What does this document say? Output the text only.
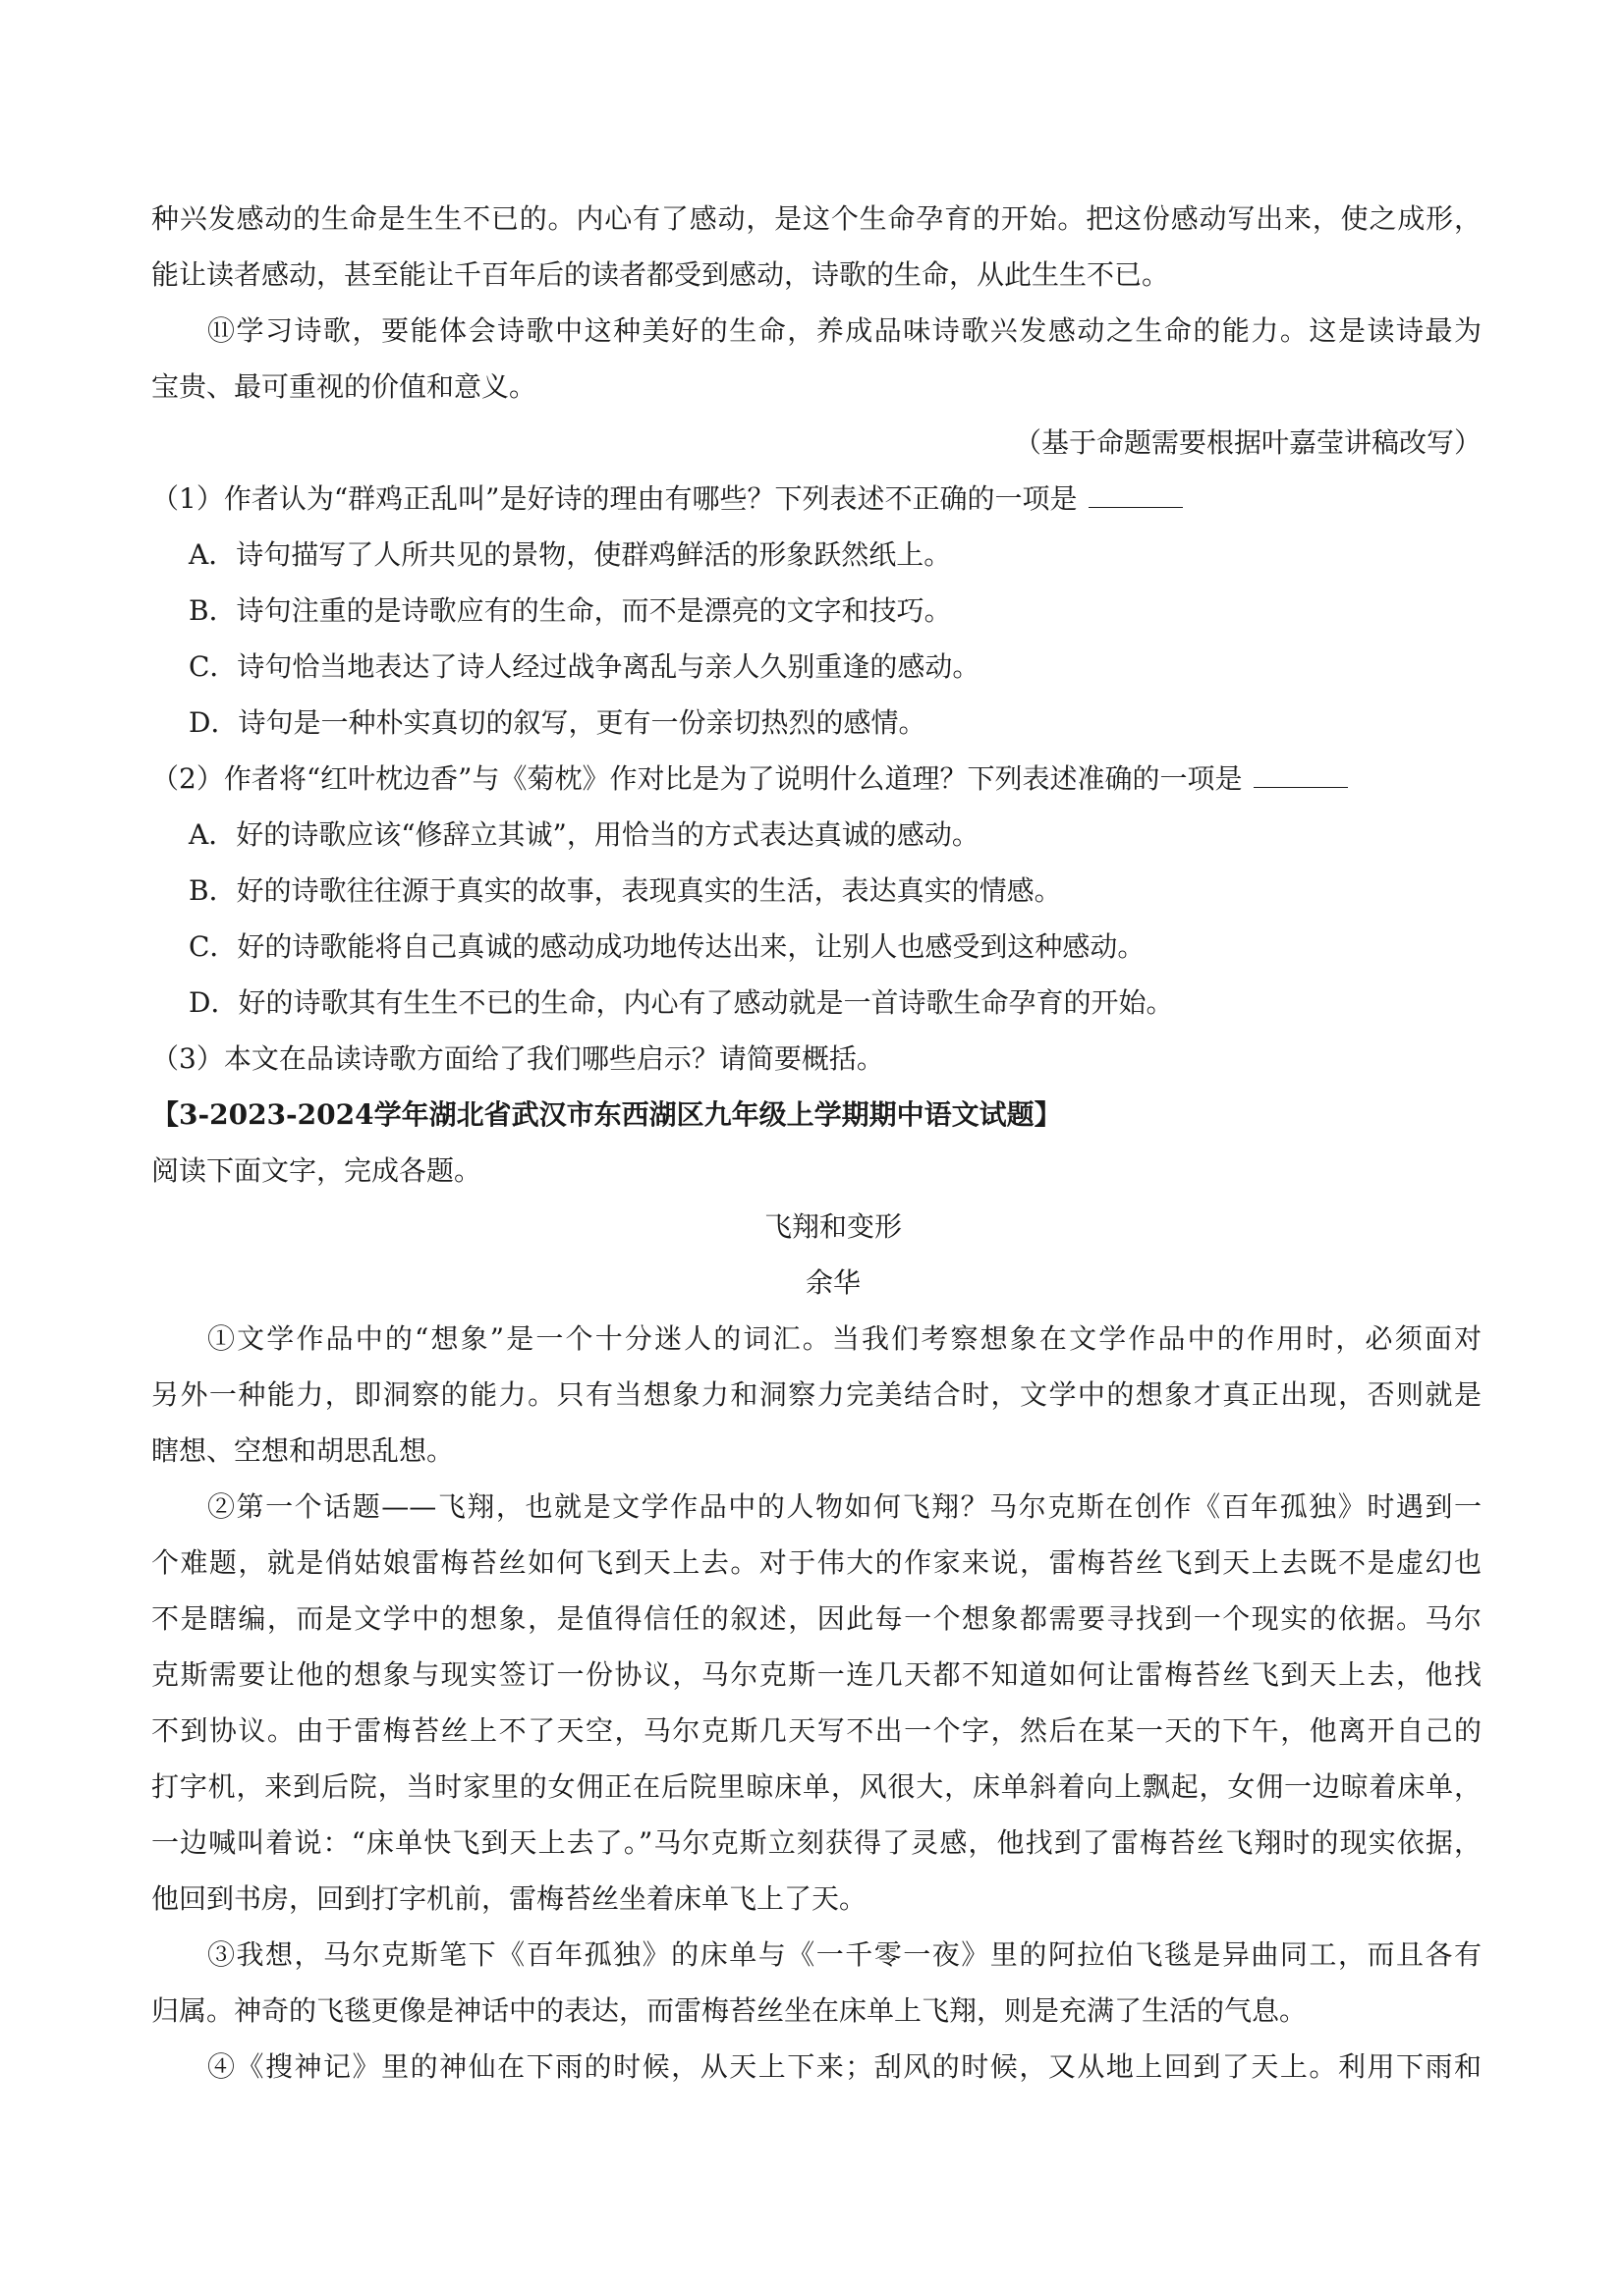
种兴发感动的生命是生生不已的。内心有了感动，是这个生命孕育的开始。把这份感动写出来，使之成形，
能让读者感动，甚至能让千百年后的读者都受到感动，诗歌的生命，从此生生不已。
⑪学习诗歌，要能体会诗歌中这种美好的生命，养成品味诗歌兴发感动之生命的能力。这是读诗最为
宝贵、最可重视的价值和意义。
（基于命题需要根据叶嘉莹讲稿改写）
（1）作者认为“群鸡正乱叫”是好诗的理由有哪些？下列表述不正确的一项是
A．诗句描写了人所共见的景物，使群鸡鲜活的形象跃然纸上。
B．诗句注重的是诗歌应有的生命，而不是漂亮的文字和技巧。
C．诗句恰当地表达了诗人经过战争离乱与亲人久别重逢的感动。
D．诗句是一种朴实真切的叙写，更有一份亲切热烈的感情。
（2）作者将“红叶枕边香”与《菊枕》作对比是为了说明什么道理？下列表述准确的一项是
A．好的诗歌应该“修辞立其诚”，用恰当的方式表达真诚的感动。
B．好的诗歌往往源于真实的故事，表现真实的生活，表达真实的情感。
C．好的诗歌能将自己真诚的感动成功地传达出来，让别人也感受到这种感动。
D．好的诗歌其有生生不已的生命，内心有了感动就是一首诗歌生命孕育的开始。
（3）本文在品读诗歌方面给了我们哪些启示？请简要概括。
【3-2023-2024学年湖北省武汉市东西湖区九年级上学期期中语文试题】
阅读下面文字，完成各题。
飞翔和变形
余华
①文学作品中的“想象”是一个十分迷人的词汇。当我们考察想象在文学作品中的作用时，必须面对
另外一种能力，即洞察的能力。只有当想象力和洞察力完美结合时，文学中的想象才真正出现，否则就是
瞎想、空想和胡思乱想。
②第一个话题——飞翔，也就是文学作品中的人物如何飞翔？马尔克斯在创作《百年孤独》时遇到一
个难题，就是俏姑娘雷梅苔丝如何飞到天上去。对于伟大的作家来说，雷梅苔丝飞到天上去既不是虚幻也
不是瞎编，而是文学中的想象，是值得信任的叙述，因此每一个想象都需要寻找到一个现实的依据。马尔
克斯需要让他的想象与现实签订一份协议，马尔克斯一连几天都不知道如何让雷梅苔丝飞到天上去，他找
不到协议。由于雷梅苔丝上不了天空，马尔克斯几天写不出一个字，然后在某一天的下午，他离开自己的
打字机，来到后院，当时家里的女佣正在后院里晾床单，风很大，床单斜着向上飘起，女佣一边晾着床单，
一边喊叫着说：“床单快飞到天上去了。”马尔克斯立刻获得了灵感，他找到了雷梅苔丝飞翔时的现实依据，
他回到书房，回到打字机前，雷梅苔丝坐着床单飞上了天。
③我想，马尔克斯笔下《百年孤独》的床单与《一千零一夜》里的阿拉伯飞毯是异曲同工，而且各有
归属。神奇的飞毯更像是神话中的表达，而雷梅苔丝坐在床单上飞翔，则是充满了生活的气息。
④《搜神记》里的神仙在下雨的时候，从天上下来；刮风的时候，又从地上回到了天上。利用下雨和
